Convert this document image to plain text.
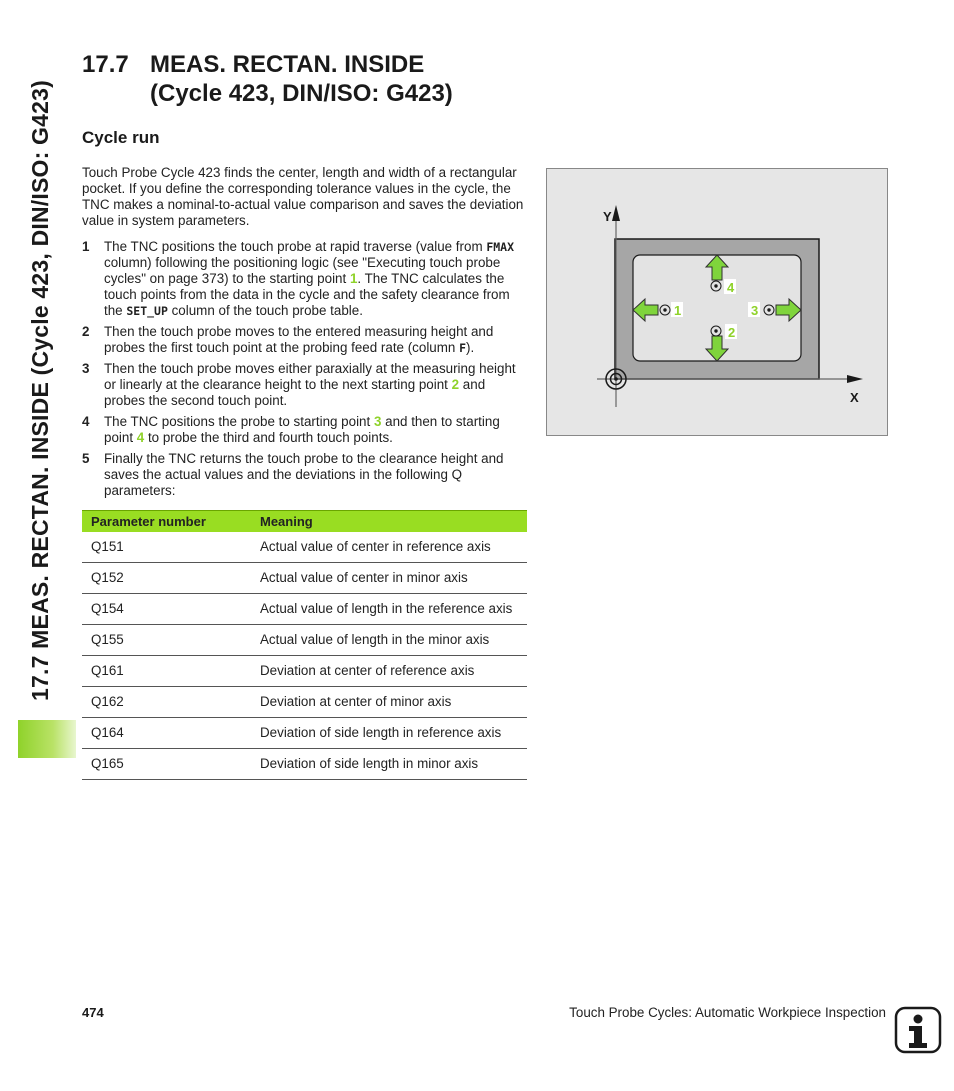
17.7 MEAS. RECTAN. INSIDE (Cycle 423, DIN/ISO: G423)
17.7 MEAS. RECTAN. INSIDE
(Cycle 423, DIN/ISO: G423)
Cycle run

Touch Probe Cycle 423 finds the center, length and width of a rectangular pocket. If you define the corresponding tolerance values in the cycle, the TNC makes a nominal-to-actual value comparison and saves the deviation value in system parameters.

1 The TNC positions the touch probe at rapid traverse (value from FMAX column) following the positioning logic (see "Executing touch probe cycles" on page 373) to the starting point 1. The TNC calculates the touch points from the data in the cycle and the safety clearance from the SET_UP column of the touch probe table.
2 Then the touch probe moves to the entered measuring height and probes the first touch point at the probing feed rate (column F).
3 Then the touch probe moves either paraxially at the measuring height or linearly at the clearance height to the next starting point 2 and probes the second touch point.
4 The TNC positions the probe to starting point 3 and then to starting point 4 to probe the third and fourth touch points.
5 Finally the TNC returns the touch probe to the clearance height and saves the actual values and the deviations in the following Q parameters:
Parameter number	Meaning
Q151	Actual value of center in reference axis
Q152	Actual value of center in minor axis
Q154	Actual value of length in the reference axis
Q155	Actual value of length in the minor axis
Q161	Deviation at center of reference axis
Q162	Deviation at center of minor axis
Q164	Deviation of side length in reference axis
Q165	Deviation of side length in minor axis
Y
X
1
2
3
4
474	Touch Probe Cycles: Automatic Workpiece Inspection
